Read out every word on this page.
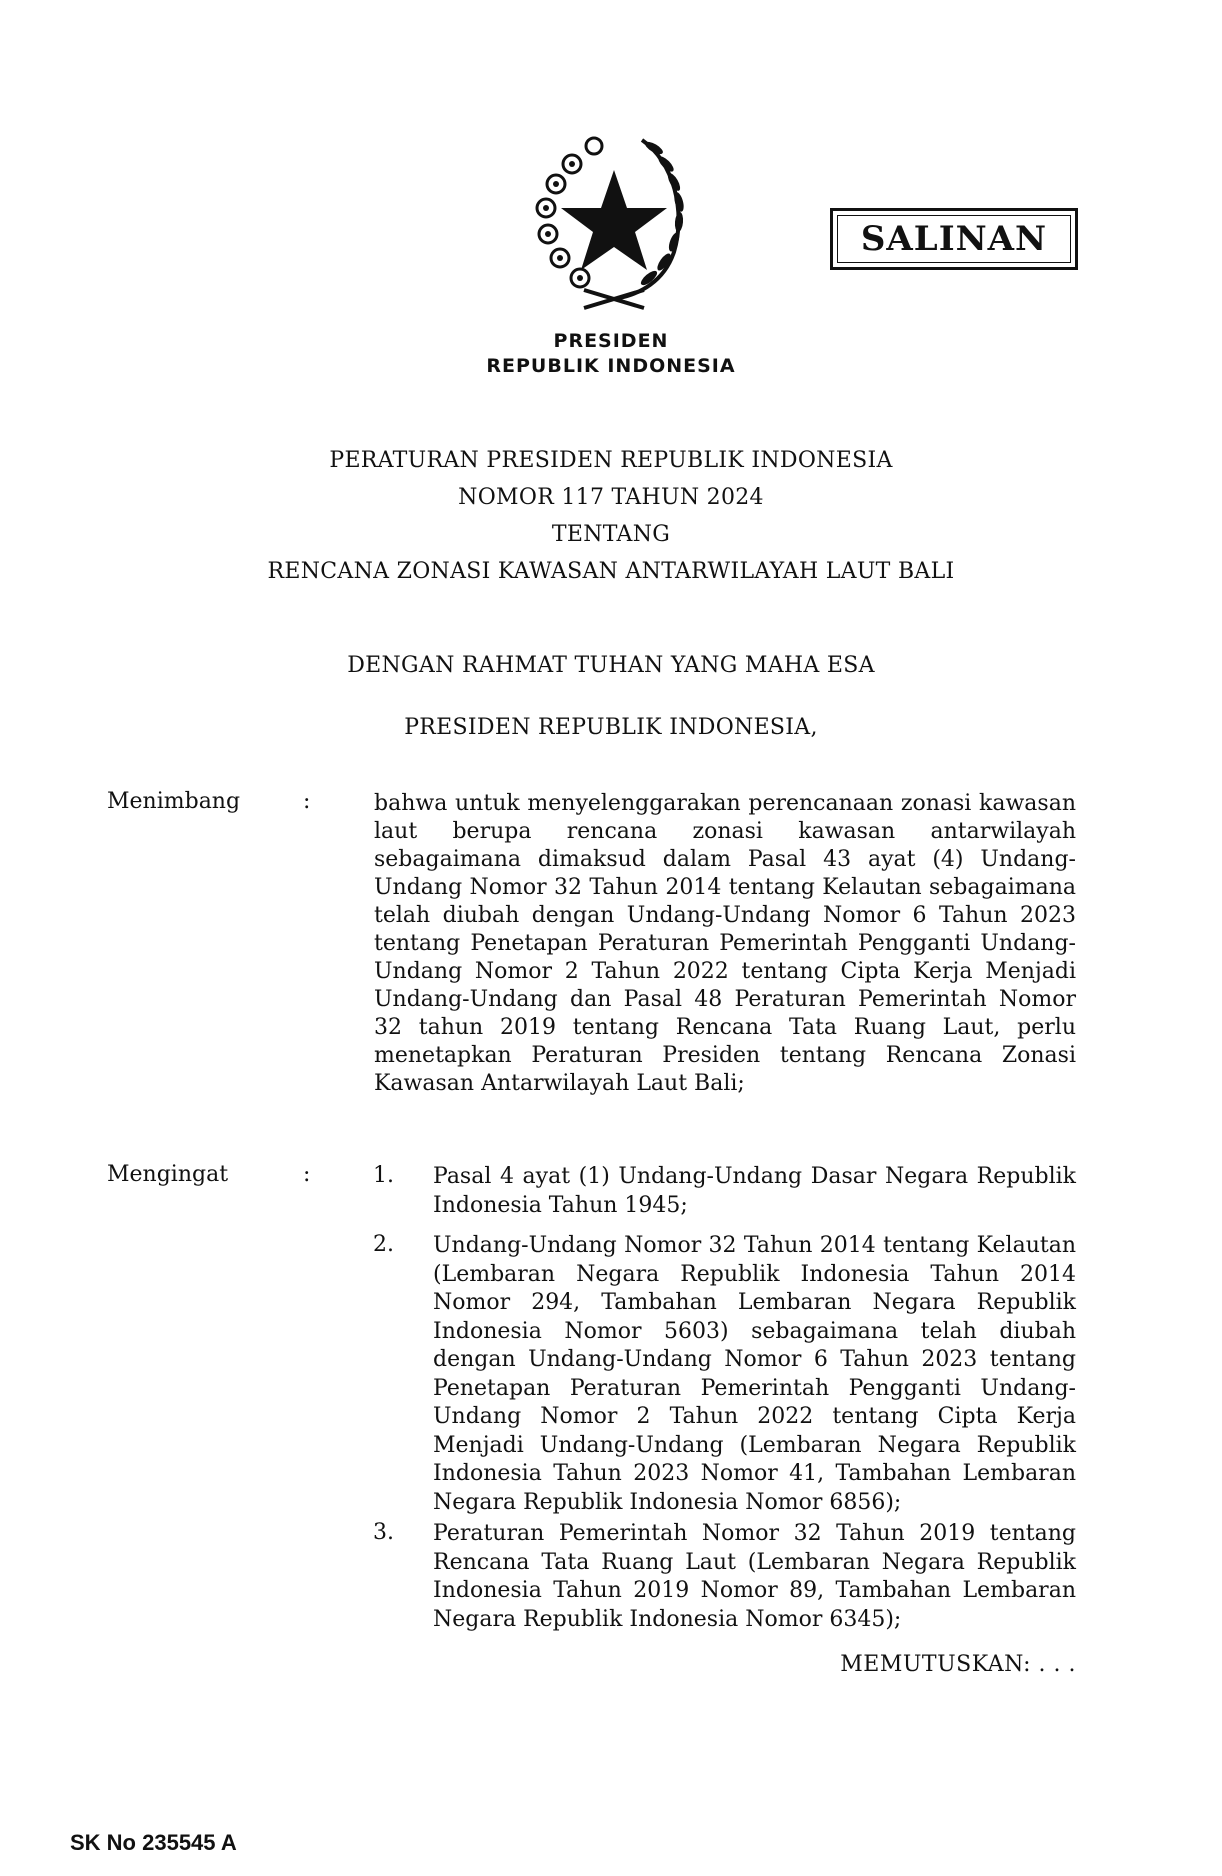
SALINAN
PRESIDEN
REPUBLIK INDONESIA
PERATURAN PRESIDEN REPUBLIK INDONESIA
NOMOR 117 TAHUN 2024
TENTANG
RENCANA ZONASI KAWASAN ANTARWILAYAH LAUT BALI
DENGAN RAHMAT TUHAN YANG MAHA ESA
PRESIDEN REPUBLIK INDONESIA,
Menimbang	:	bahwa untuk menyelenggarakan perencanaan zonasi kawasan laut berupa rencana zonasi kawasan antarwilayah sebagaimana dimaksud dalam Pasal 43 ayat (4) Undang-Undang Nomor 32 Tahun 2014 tentang Kelautan sebagaimana telah diubah dengan Undang-Undang Nomor 6 Tahun 2023 tentang Penetapan Peraturan Pemerintah Pengganti Undang-Undang Nomor 2 Tahun 2022 tentang Cipta Kerja Menjadi Undang-Undang dan Pasal 48 Peraturan Pemerintah Nomor 32 tahun 2019 tentang Rencana Tata Ruang Laut, perlu menetapkan Peraturan Presiden tentang Rencana Zonasi Kawasan Antarwilayah Laut Bali;
Mengingat	:	1. Pasal 4 ayat (1) Undang-Undang Dasar Negara Republik Indonesia Tahun 1945;
2. Undang-Undang Nomor 32 Tahun 2014 tentang Kelautan (Lembaran Negara Republik Indonesia Tahun 2014 Nomor 294, Tambahan Lembaran Negara Republik Indonesia Nomor 5603) sebagaimana telah diubah dengan Undang-Undang Nomor 6 Tahun 2023 tentang Penetapan Peraturan Pemerintah Pengganti Undang-Undang Nomor 2 Tahun 2022 tentang Cipta Kerja Menjadi Undang-Undang (Lembaran Negara Republik Indonesia Tahun 2023 Nomor 41, Tambahan Lembaran Negara Republik Indonesia Nomor 6856);
3. Peraturan Pemerintah Nomor 32 Tahun 2019 tentang Rencana Tata Ruang Laut (Lembaran Negara Republik Indonesia Tahun 2019 Nomor 89, Tambahan Lembaran Negara Republik Indonesia Nomor 6345);
MEMUTUSKAN: . . .
SK No 235545 A
